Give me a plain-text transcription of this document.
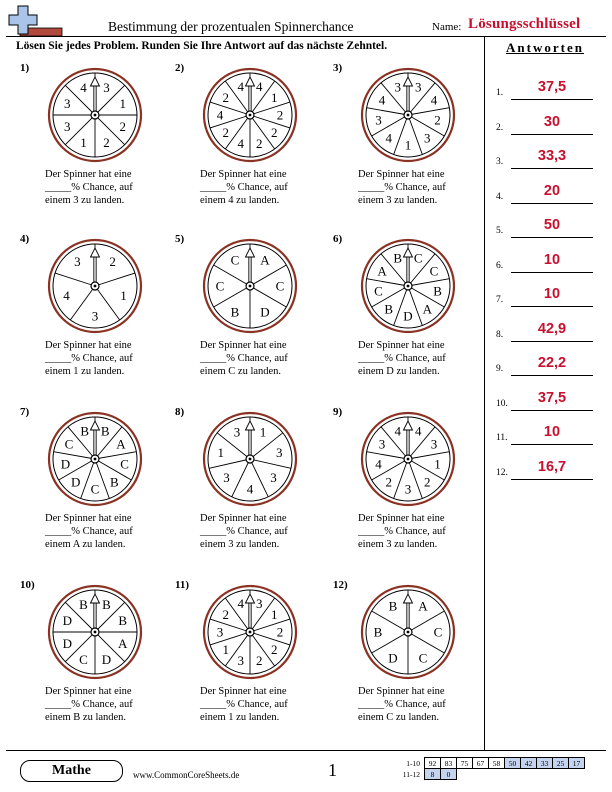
Bestimmung der prozentualen Spinnerchance	Name: Lösungsschlüssel
Lösen Sie jedes Problem. Runden Sie Ihre Antwort auf das nächste Zehntel.	Antworten
1)
3
1
2
2
1
3
3
4
Der Spinner hat eine
_____% Chance, auf
einem 3 zu landen.
2)
4
1
2
2
2
4
2
4
2
4
Der Spinner hat eine
_____% Chance, auf
einem 4 zu landen.
3)
3
4
2
3
1
4
3
4
3
Der Spinner hat eine
_____% Chance, auf
einem 3 zu landen.
4)
2
1
3
4
3
Der Spinner hat eine
_____% Chance, auf
einem 1 zu landen.
5)
A
C
D
B
C
C
Der Spinner hat eine
_____% Chance, auf
einem C zu landen.
6)
C
C
B
A
D
B
C
A
B
Der Spinner hat eine
_____% Chance, auf
einem D zu landen.
7)
B
A
C
B
C
D
D
C
B
Der Spinner hat eine
_____% Chance, auf
einem A zu landen.
8)
1
3
3
4
3
1
3
Der Spinner hat eine
_____% Chance, auf
einem 3 zu landen.
9)
4
3
1
2
3
2
4
3
4
Der Spinner hat eine
_____% Chance, auf
einem 3 zu landen.
10)
B
B
A
D
C
D
D
B
Der Spinner hat eine
_____% Chance, auf
einem B zu landen.
11)
3
1
2
2
2
3
1
3
2
4
Der Spinner hat eine
_____% Chance, auf
einem 1 zu landen.
12)
A
C
C
D
B
B
Der Spinner hat eine
_____% Chance, auf
einem C zu landen.
1.	37,5
2.	30
3.	33,3
4.	20
5.	50
6.	10
7.	10
8.	42,9
9.	22,2
10.	37,5
11.	10
12.	16,7
Mathe	www.CommonCoreSheets.de	1	1-10	92	83	75	67	58	50	42	33	25	17
11-12	8	0								
